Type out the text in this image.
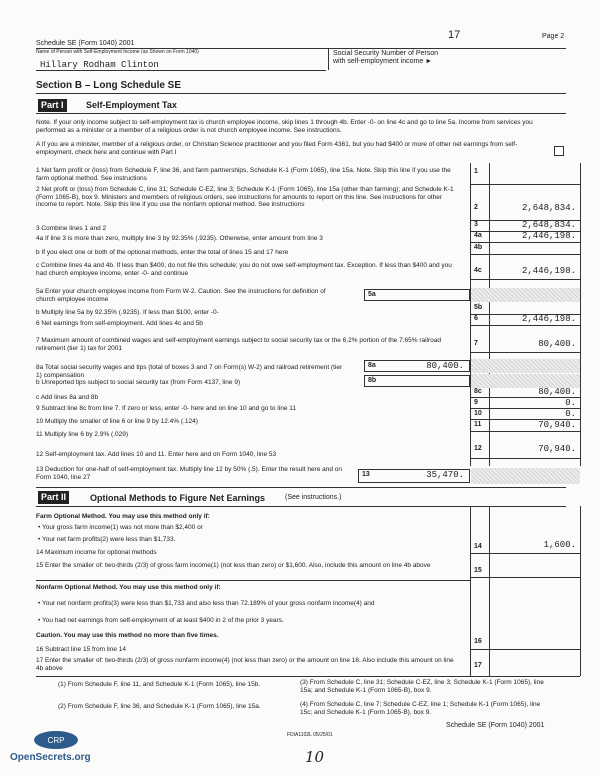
17	Page 2
Schedule SE (Form 1040) 2001
Name of Person with Self-Employment Income (as Shown on Form 1040)
Hillary Rodham Clinton
Social Security Number of Person
with self-employment income ►
Section B – Long Schedule SE
Part I	Self-Employment Tax
Note. If your only income subject to self-employment tax is church employee income, skip lines 1 through 4b. Enter -0- on line 4c and go to line 5a. Income from services you performed as a minister or a member of a religious order is not church employee income. See instructions.
A If you are a minister, member of a religious order, or Christian Science practitioner and you filed Form 4361, but you had $400 or more of other net earnings from self-employment, check here and continue with Part I
1 Net farm profit or (loss) from Schedule F, line 36, and farm partnerships, Schedule K-1 (Form 1065), line 15a. Note. Skip this line if you use the farm optional method. See instructions
1
2 Net profit or (loss) from Schedule C, line 31; Schedule C-EZ, line 3; Schedule K-1 (Form 1065), line 15a (other than farming); and Schedule K-1 (Form 1065-B), box 9. Ministers and members of religious orders, see instructions for amounts to report on this line. See instructions for other income to report. Note. Skip this line if you use the nonfarm optional method. See instructions	2	2,648,834.
3 Combine lines 1 and 2
3	2,648,834.
4a If line 3 is more than zero, multiply line 3 by 92.35% (.9235). Otherwise, enter amount from line 3	4a	2,446,198.
b If you elect one or both of the optional methods, enter the total of lines 15 and 17 here
4b
c Combine lines 4a and 4b. If less than $400, do not file this schedule; you do not owe self-employment tax. Exception. If less than $400 and you had church employee income, enter -0- and continue	4c	2,446,198.
5a Enter your church employee income from Form W-2. Caution. See the instructions for definition of church employee income
5a
b Multiply line 5a by 92.35% (.9235). If less than $100, enter -0-
5b
6 Net earnings from self-employment. Add lines 4c and 5b
6	2,446,198.
7 Maximum amount of combined wages and self-employment earnings subject to social security tax or the 6.2% portion of the 7.65% railroad retirement (tier 1) tax for 2001
7	80,400.
8a Total social security wages and tips (total of boxes 3 and 7 on Form(s) W-2) and railroad retirement (tier 1) compensation
8a	80,400.
b Unreported tips subject to social security tax (from Form 4137, line 9)	8b
c Add lines 8a and 8b
8c	80,400.
9 Subtract line 8c from line 7. If zero or less, enter -0- here and on line 10 and go to line 11
9	0.
10 Multiply the smaller of line 6 or line 9 by 12.4% (.124)
10	0.
11 Multiply line 6 by 2.9% (.029)
11	70,940.
12 Self-employment tax. Add lines 10 and 11. Enter here and on Form 1040, line 53
12	70,940.
13 Deduction for one-half of self-employment tax. Multiply line 12 by 50% (.5). Enter the result here and on Form 1040, line 27	13	35,470.
Part II	Optional Methods to Figure Net Earnings	(See instructions.)
Farm Optional Method. You may use this method only if:
• Your gross farm income(1) was not more than $2,400 or
• Your net farm profits(2) were less than $1,733.
14 Maximum income for optional methods
14	1,600.
15 Enter the smaller of: two-thirds (2/3) of gross farm income(1) (not less than zero) or $1,600. Also, include this amount on line 4b above
15
Nonfarm Optional Method. You may use this method only if:
• Your net nonfarm profits(3) were less than $1,733 and also less than 72.189% of your gross nonfarm income(4) and
• You had net earnings from self-employment of at least $400 in 2 of the prior 3 years.
Caution. You may use this method no more than five times.
16 Subtract line 15 from line 14
16
17 Enter the smaller of: two-thirds (2/3) of gross nonfarm income(4) (not less than zero) or the amount on line 16. Also include this amount on line 4b above	17
(1) From Schedule F, line 11, and Schedule K-1 (Form 1065), line 15b.
(2) From Schedule F, line 36, and Schedule K-1 (Form 1065), line 15a.
(3) From Schedule C, line 31; Schedule C-EZ, line 3; Schedule K-1 (Form 1065), line 15a; and Schedule K-1 (Form 1065-B), box 9.
(4) From Schedule C, line 7; Schedule C-EZ, line 1; Schedule K-1 (Form 1065), line 15c; and Schedule K-1 (Form 1065-B), box 9.
Schedule SE (Form 1040) 2001
FDIA1102L 05/25/01
10
CRP
OpenSecrets.org
